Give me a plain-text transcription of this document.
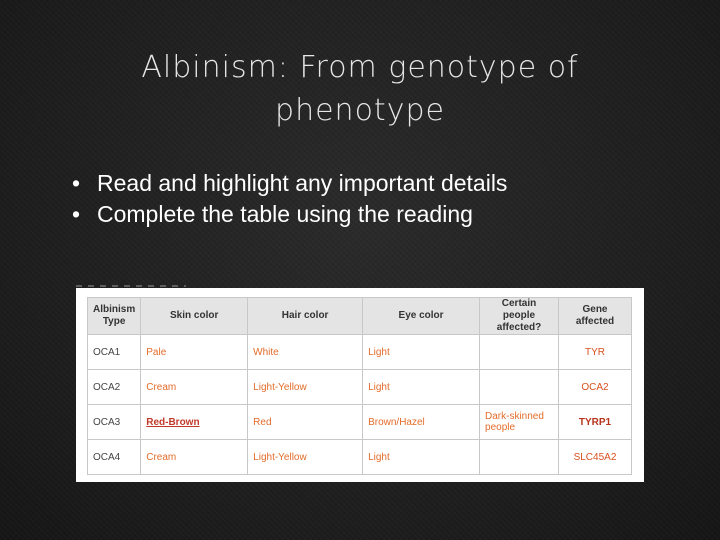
Albinism: From genotype of
phenotype
• Read and highlight any important details
• Complete the table using the reading
Albinism Type	Skin color	Hair color	Eye color	Certain people affected?	Gene affected
OCA1	Pale	White	Light		TYR
OCA2	Cream	Light-Yellow	Light		OCA2
OCA3	Red-Brown	Red	Brown/Hazel	Dark-skinned people	TYRP1
OCA4	Cream	Light-Yellow	Light		SLC45A2
